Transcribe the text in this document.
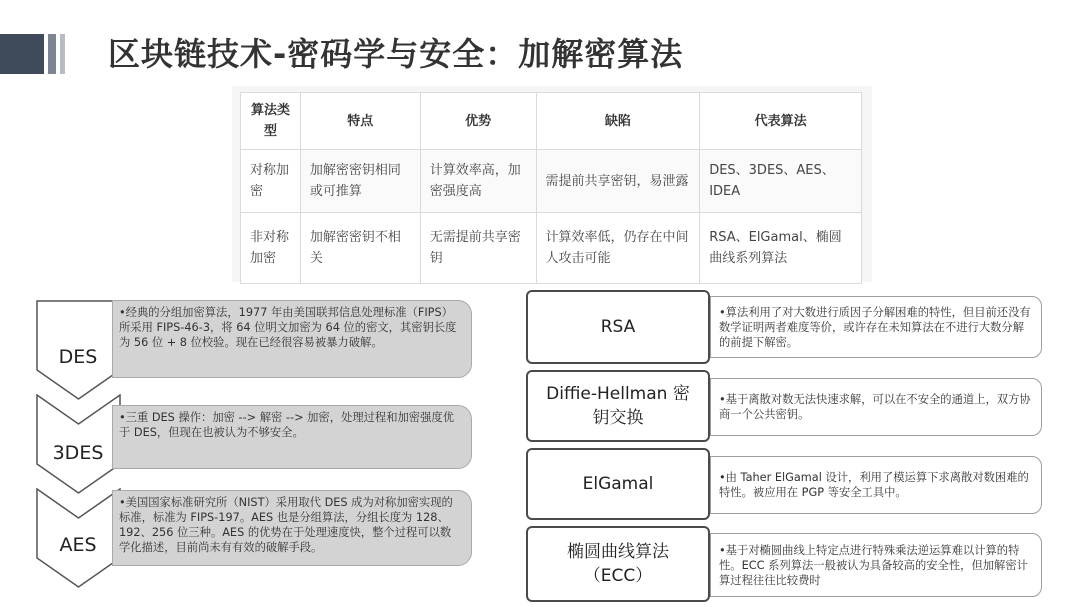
区块链技术-密码学与安全：加解密算法
算法类型	特点	优势	缺陷	代表算法
对称加密	加解密密钥相同或可推算	计算效率高，加密强度高	需提前共享密钥，易泄露	DES、3DES、AES、IDEA
非对称加密	加解密密钥不相关	无需提前共享密钥	计算效率低，仍存在中间人攻击可能	RSA、ElGamal、椭圆曲线系列算法
DES
•经典的分组加密算法，1977 年由美国联邦信息处理标准（FIPS）所采用 FIPS-46-3，将 64 位明文加密为 64 位的密文，其密钥长度为 56 位 + 8 位校验。现在已经很容易被暴力破解。
3DES
•三重 DES 操作：加密 --> 解密 --> 加密，处理过程和加密强度优于 DES，但现在也被认为不够安全。
AES
•美国国家标准研究所（NIST）采用取代 DES 成为对称加密实现的标准，标准为 FIPS-197。AES 也是分组算法，分组长度为 128、192、256 位三种。AES 的优势在于处理速度快，整个过程可以数学化描述，目前尚未有有效的破解手段。
RSA
•算法利用了对大数进行质因子分解困难的特性，但目前还没有数学证明两者难度等价，或许存在未知算法在不进行大数分解的前提下解密。
Diffie-Hellman 密钥交换
•基于离散对数无法快速求解，可以在不安全的通道上，双方协商一个公共密钥。
ElGamal	•由 Taher ElGamal 设计，利用了模运算下求离散对数困难的特性。被应用在 PGP 等安全工具中。
椭圆曲线算法（ECC）
•基于对椭圆曲线上特定点进行特殊乘法逆运算难以计算的特性。ECC 系列算法一般被认为具备较高的安全性，但加解密计算过程往往比较费时
